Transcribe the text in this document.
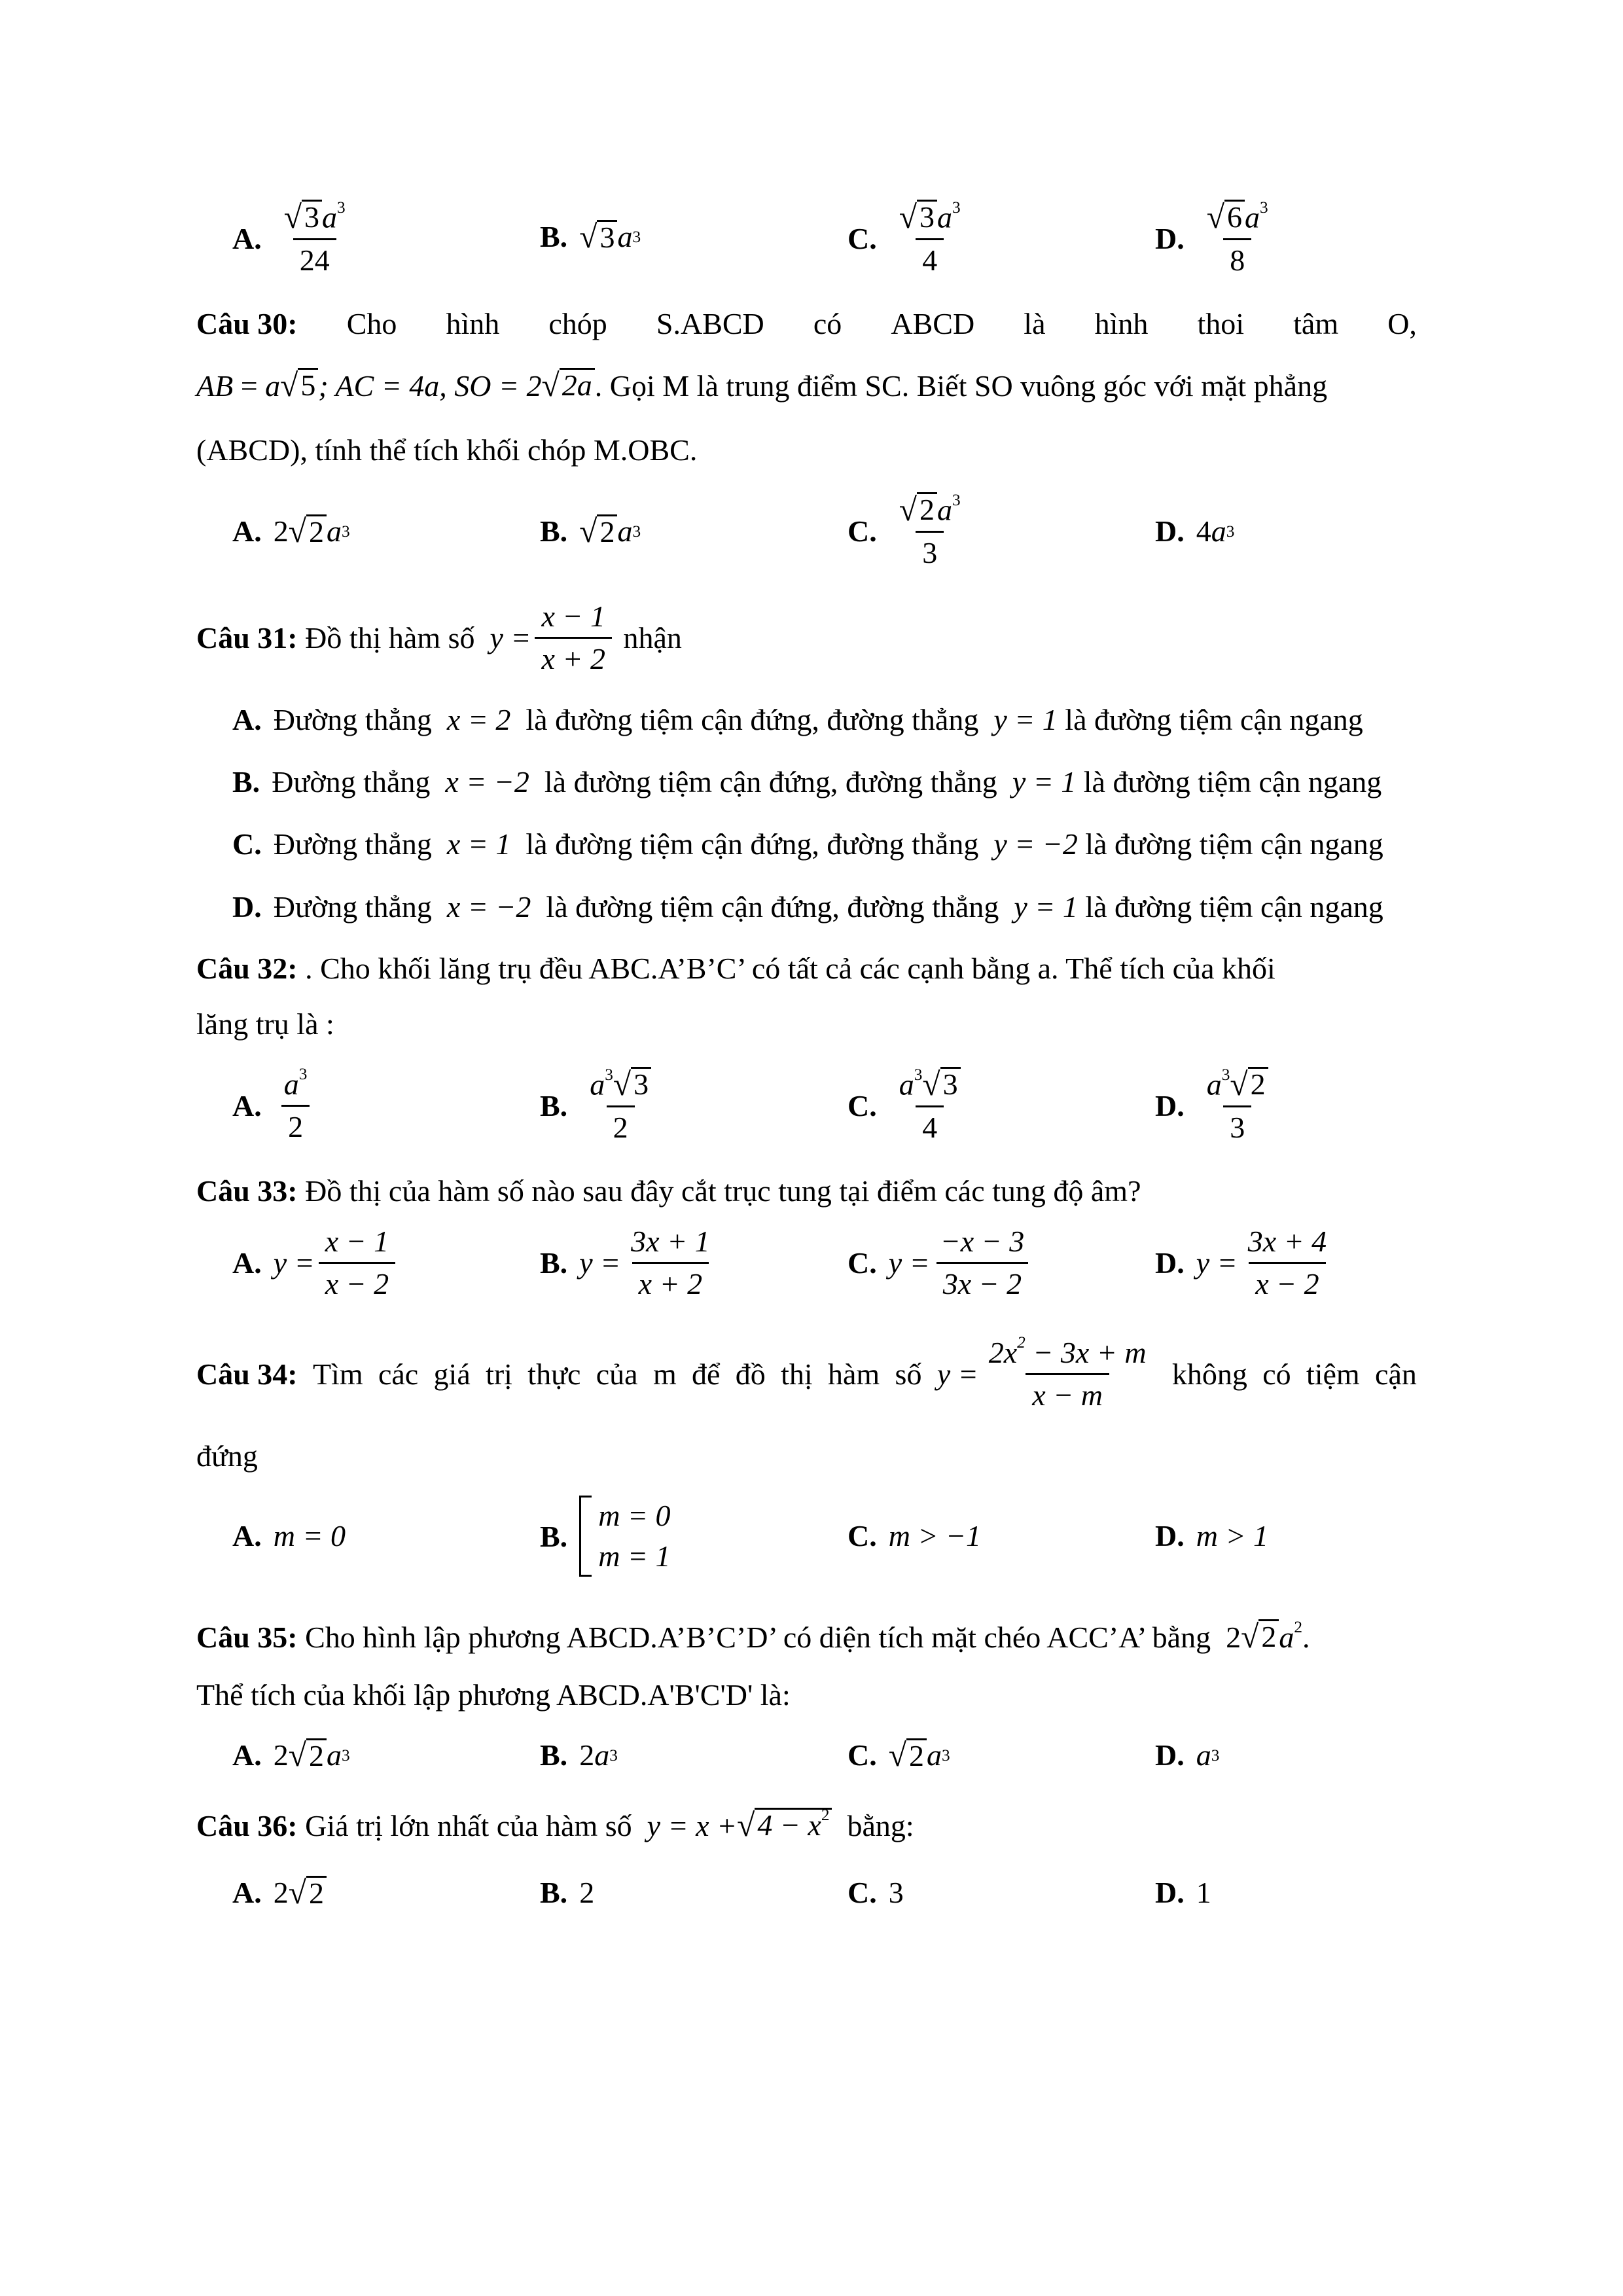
A. $\frac{√ 3 a^3}{24}$	B. √ 3 a 3	C. $\frac{√ 3 a^3}{4}$	D. $\frac{√ 6 a^3}{8}$
Câu 30: Cho hình chóp S.ABCD có ABCD là hình thoi tâm O,
AB = a √ 5 ; AC = 4a, SO = 2 √ 2a . Gọi M là trung điểm SC. Biết SO vuông góc với mặt phẳng
(ABCD), tính thể tích khối chóp M.OBC.
A. 2 √ 2 a 3	B. √ 2 a 3	C. $\frac{√ 2 a^3}{3}$	D. 4 a 3
Câu 31:
Đồ thị hàm số
$y = \frac{x - 1}{x + 2}$
nhận
A. Đường thẳng x = 2 là đường tiệm cận đứng, đường thẳng y = 1 là đường tiệm cận ngang
B. Đường thẳng x = −2 là đường tiệm cận đứng, đường thẳng y = 1 là đường tiệm cận ngang
C. Đường thẳng x = 1 là đường tiệm cận đứng, đường thẳng y = −2 là đường tiệm cận ngang
D. Đường thẳng x = −2 là đường tiệm cận đứng, đường thẳng y = 1 là đường tiệm cận ngang
Câu 32: . Cho khối lăng trụ đều ABC.A’B’C’ có tất cả các cạnh bằng a. Thể tích của khối
lăng trụ là :
A. $\frac{a^3}{2}$	B. $\frac{a^3 √ 3}{2}$	C. $\frac{a^3 √ 3}{4}$	D. $\frac{a^3 √ 2}{3}$
Câu 33: Đồ thị của hàm số nào sau đây cắt trục tung tại điểm các tung độ âm?
A. $y = \frac{x - 1}{x - 2}$	B. $y = \frac{3x + 1}{x + 2}$	C. $y = \frac{-x - 3}{3x - 2}$	D. $y = \frac{3x + 4}{x - 2}$
Câu 34: Tìm các giá trị thực của m để đồ thị hàm số $y = \frac{2x^2 - 3x + m}{x - m}$ không có tiệm cận
đứng
A. m = 0	B.
m = 0
m = 1
C. m > −1	D. m > 1
Câu 35: Cho hình lập phương ABCD.A’B’C’D’ có diện tích mặt chéo ACC’A’ bằng 2 √ 2 $a^2$.
Thể tích của khối lập phương ABCD.A'B'C'D' là:
A. 2 √ 2 a 3	B. 2 a 3	C. √ 2 a 3	D. a 3
Câu 36: Giá trị lớn nhất của hàm số y = x + √ $4 - x^2$ bằng:
A. 2 √ 2	B. 2	C. 3	D. 1
